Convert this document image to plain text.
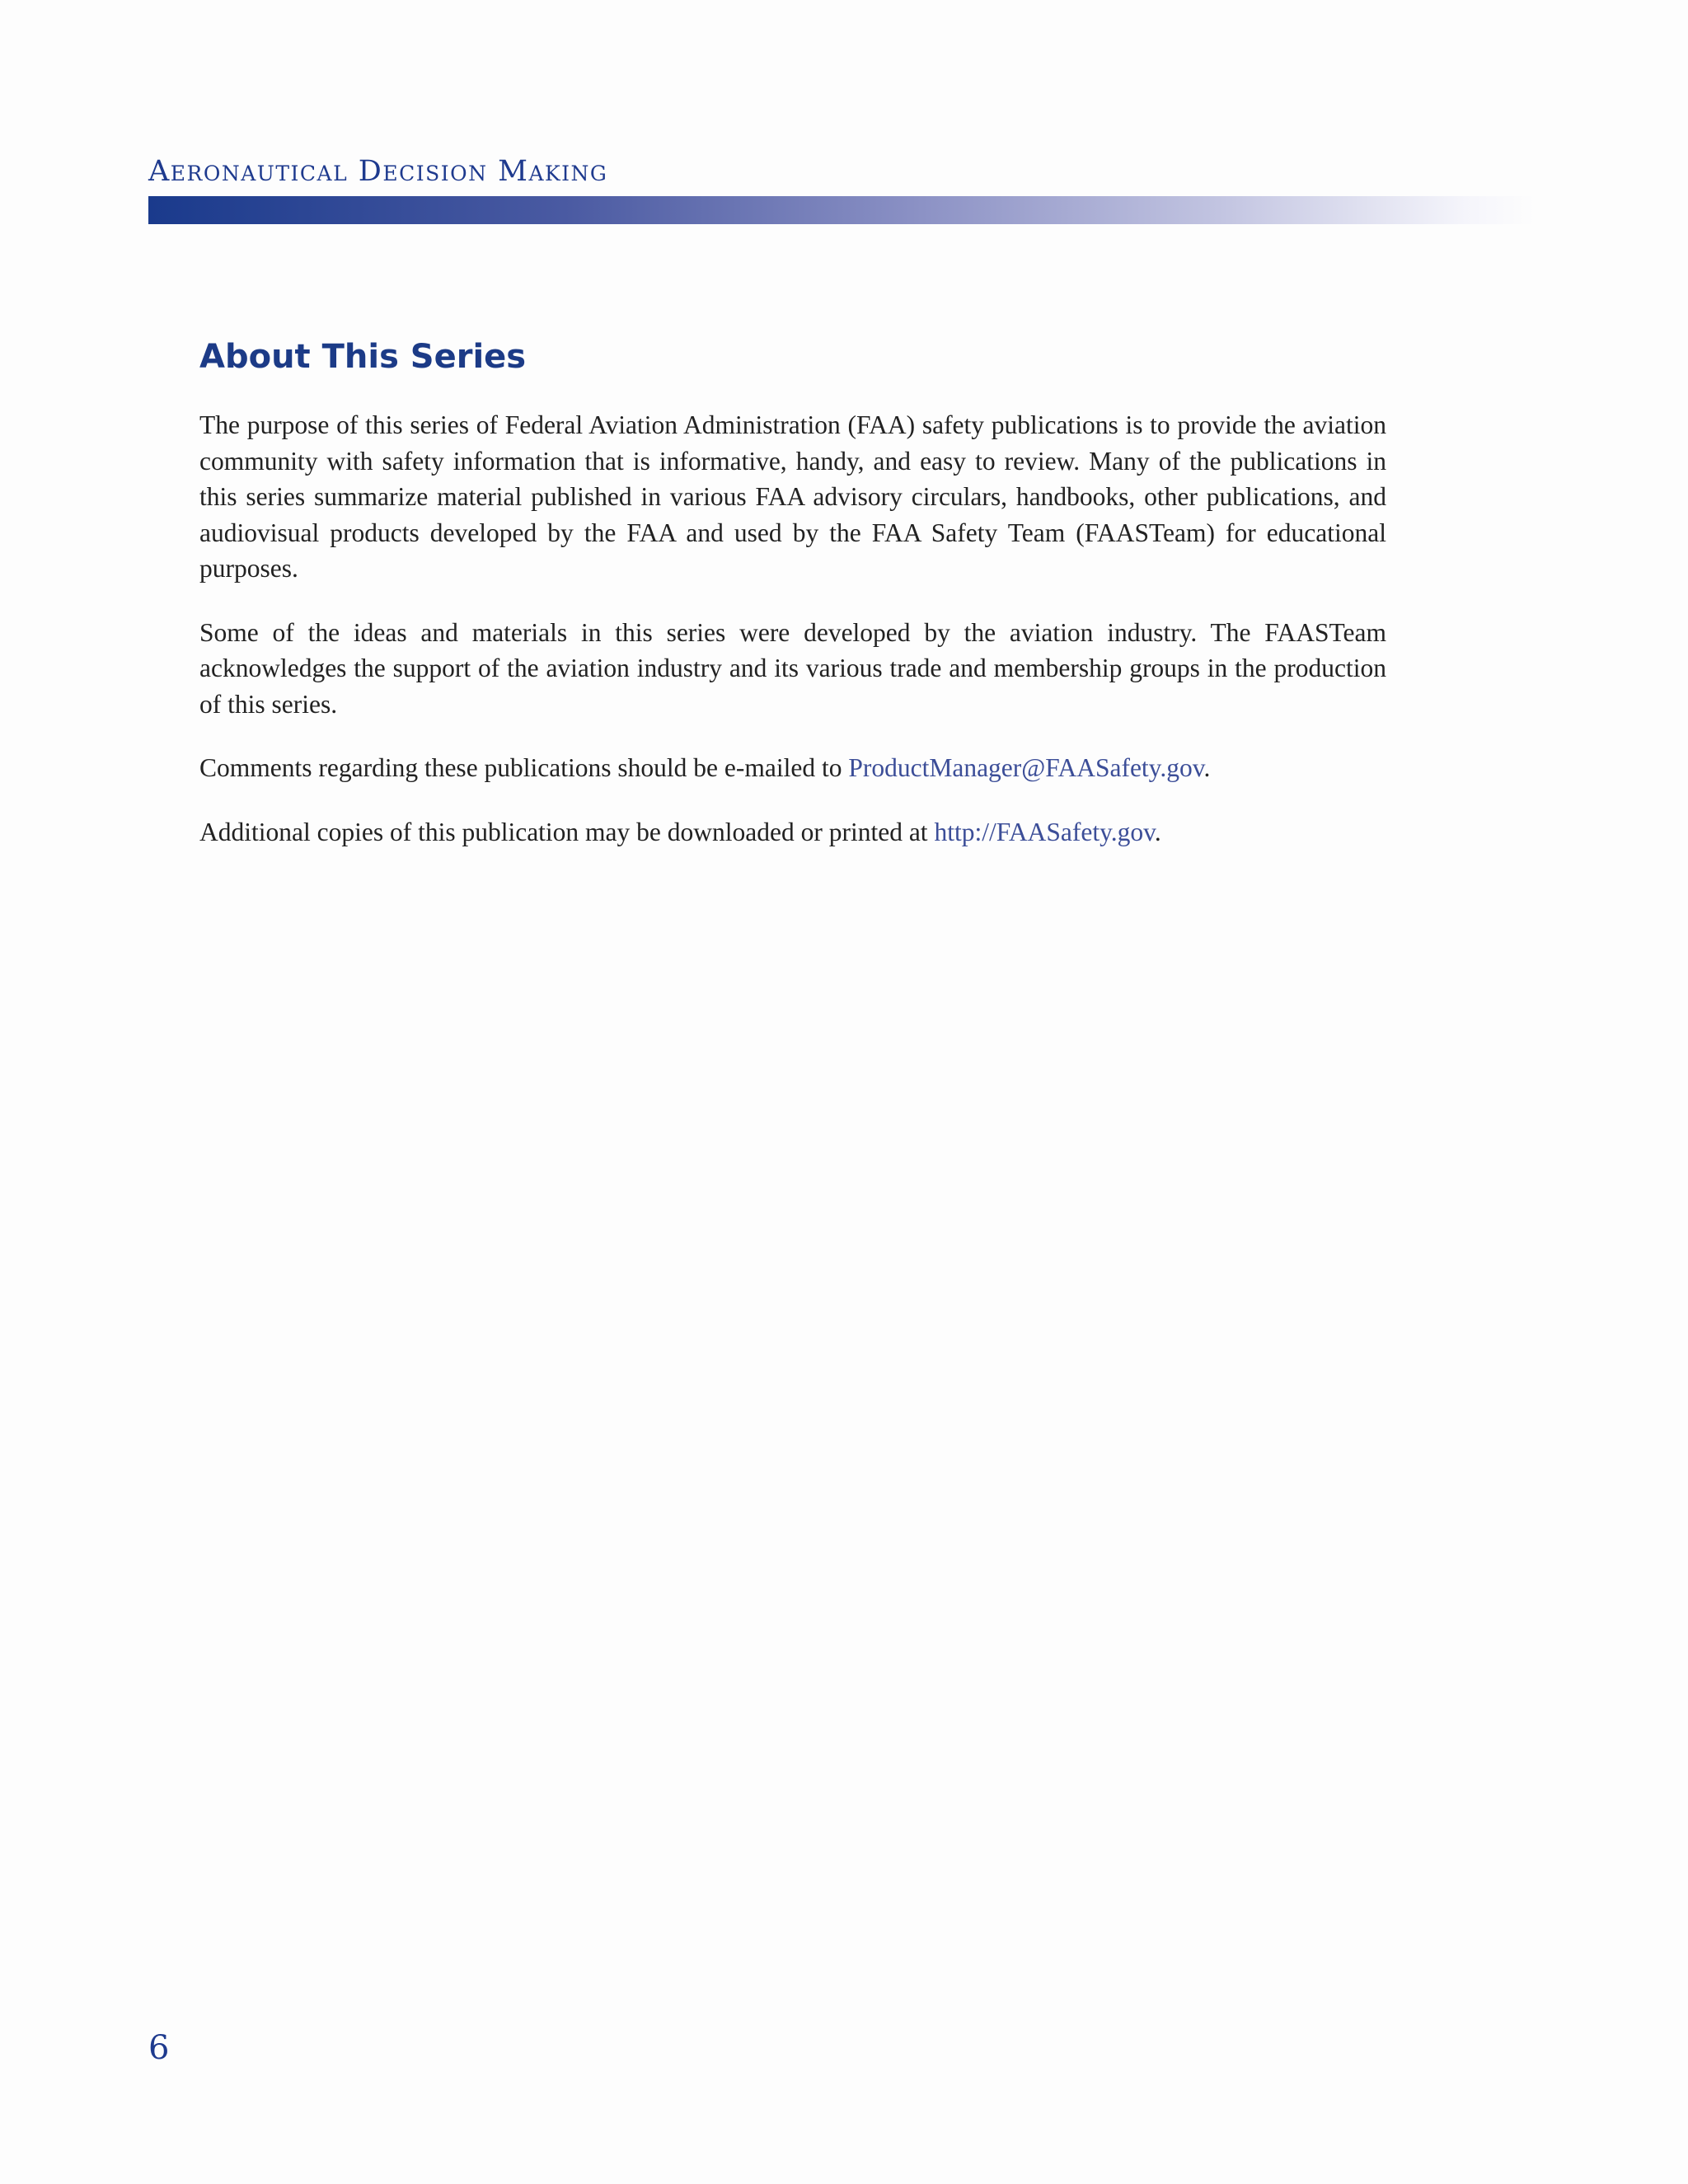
Aeronautical Decision Making
About This Series

The purpose of this series of Federal Aviation Administration (FAA) safety publications is to provide the aviation community with safety information that is informative, handy, and easy to review. Many of the publications in this series summarize material published in various FAA advisory circulars, handbooks, other publications, and audiovisual products developed by the FAA and used by the FAA Safety Team (FAASTeam) for educational purposes.

Some of the ideas and materials in this series were developed by the aviation industry. The FAASTeam acknowledges the support of the aviation industry and its various trade and membership groups in the production of this series.

Comments regarding these publications should be e-mailed to ProductManager@FAASafety.gov.

Additional copies of this publication may be downloaded or printed at http://FAASafety.gov.

6
